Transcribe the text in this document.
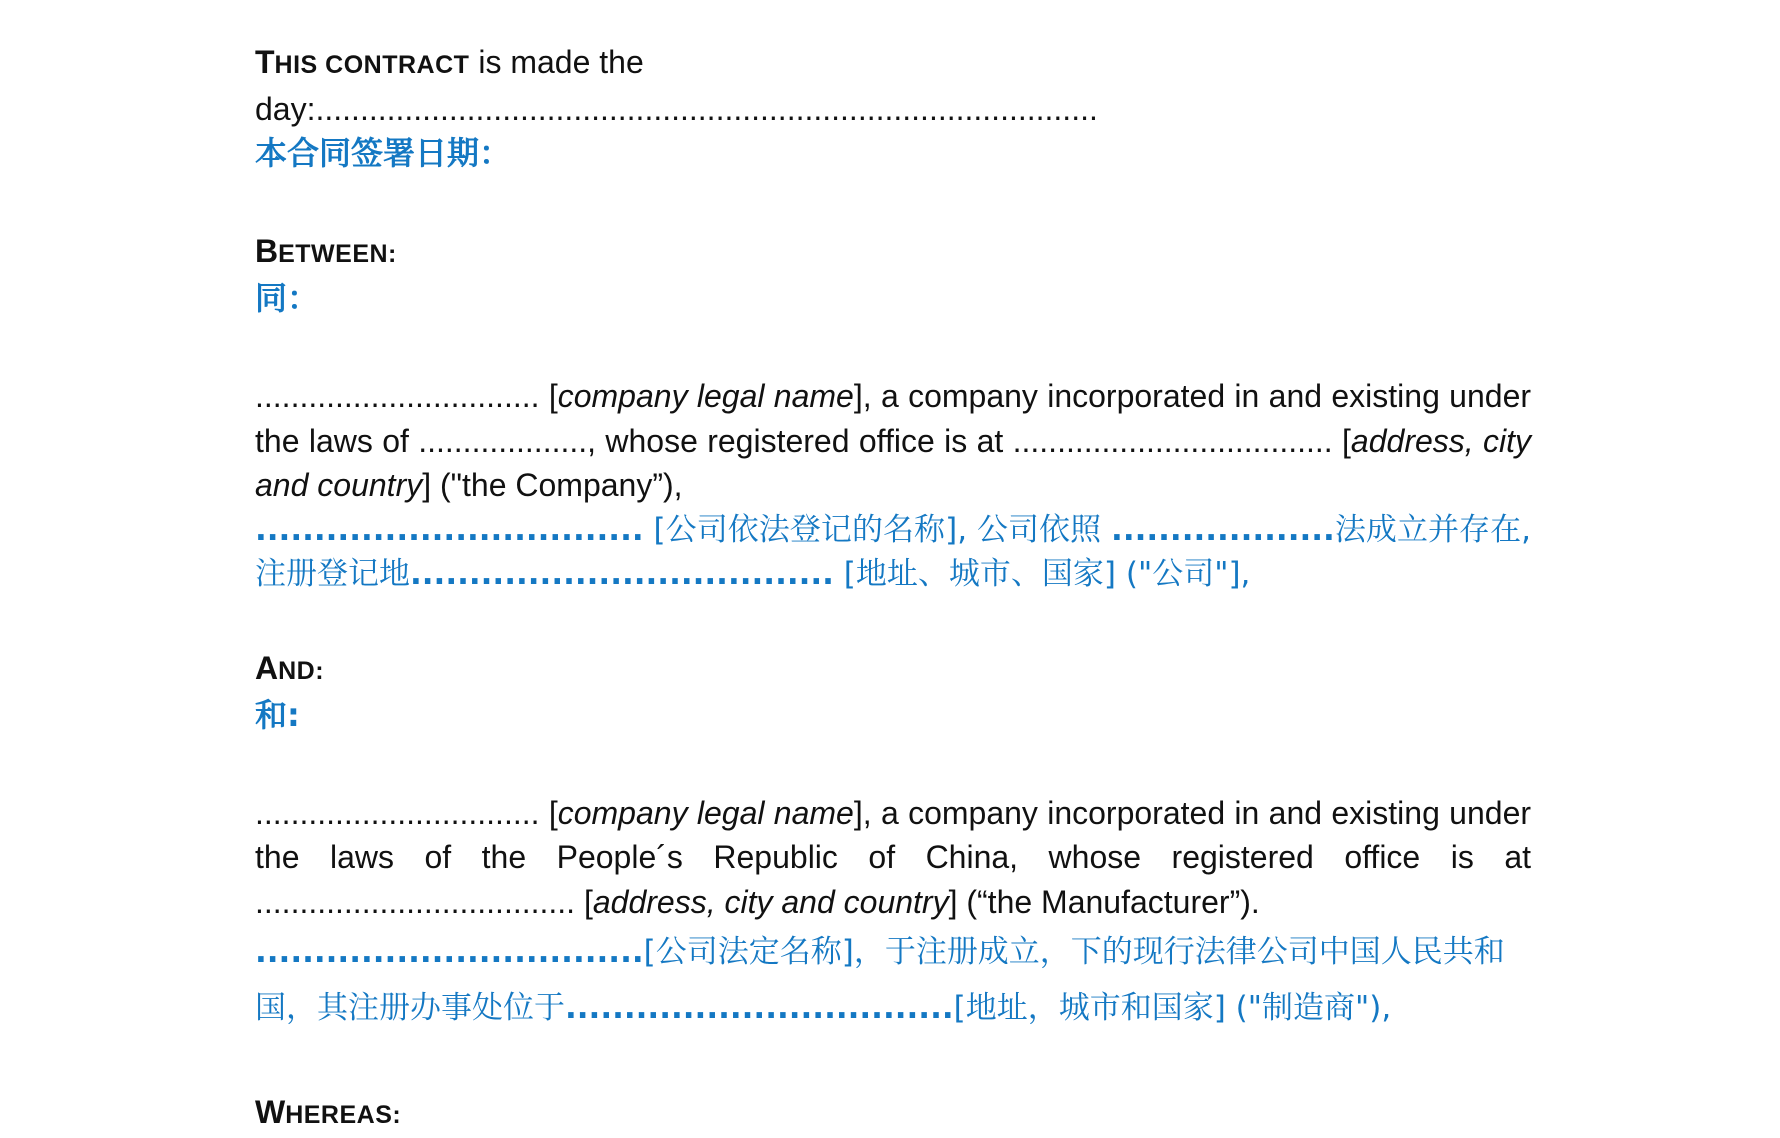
THIS CONTRACT is made the
day:........................................................................................
本合同签署日期：
BETWEEN:
同：
................................ [company legal name], a company incorporated in and existing under the laws of ..................., whose registered office is at .................................... [address, city and country] ("the Company”),
................................. [公司依法登记的名称], 公司依照 ...................法成立并存在, 注册登记地.................................... [地址、城市、国家] ("公司"],
AND:
和:
................................ [company legal name], a company incorporated in and existing under the laws of the People´s Republic of China, whose registered office is at .................................... [address, city and country] (“the Manufacturer”).
.................................[公司法定名称]，于注册成立，下的现行法律公司中国人民共和
国，其注册办事处位于.................................[地址，城市和国家] ("制造商"),
WHEREAS:
